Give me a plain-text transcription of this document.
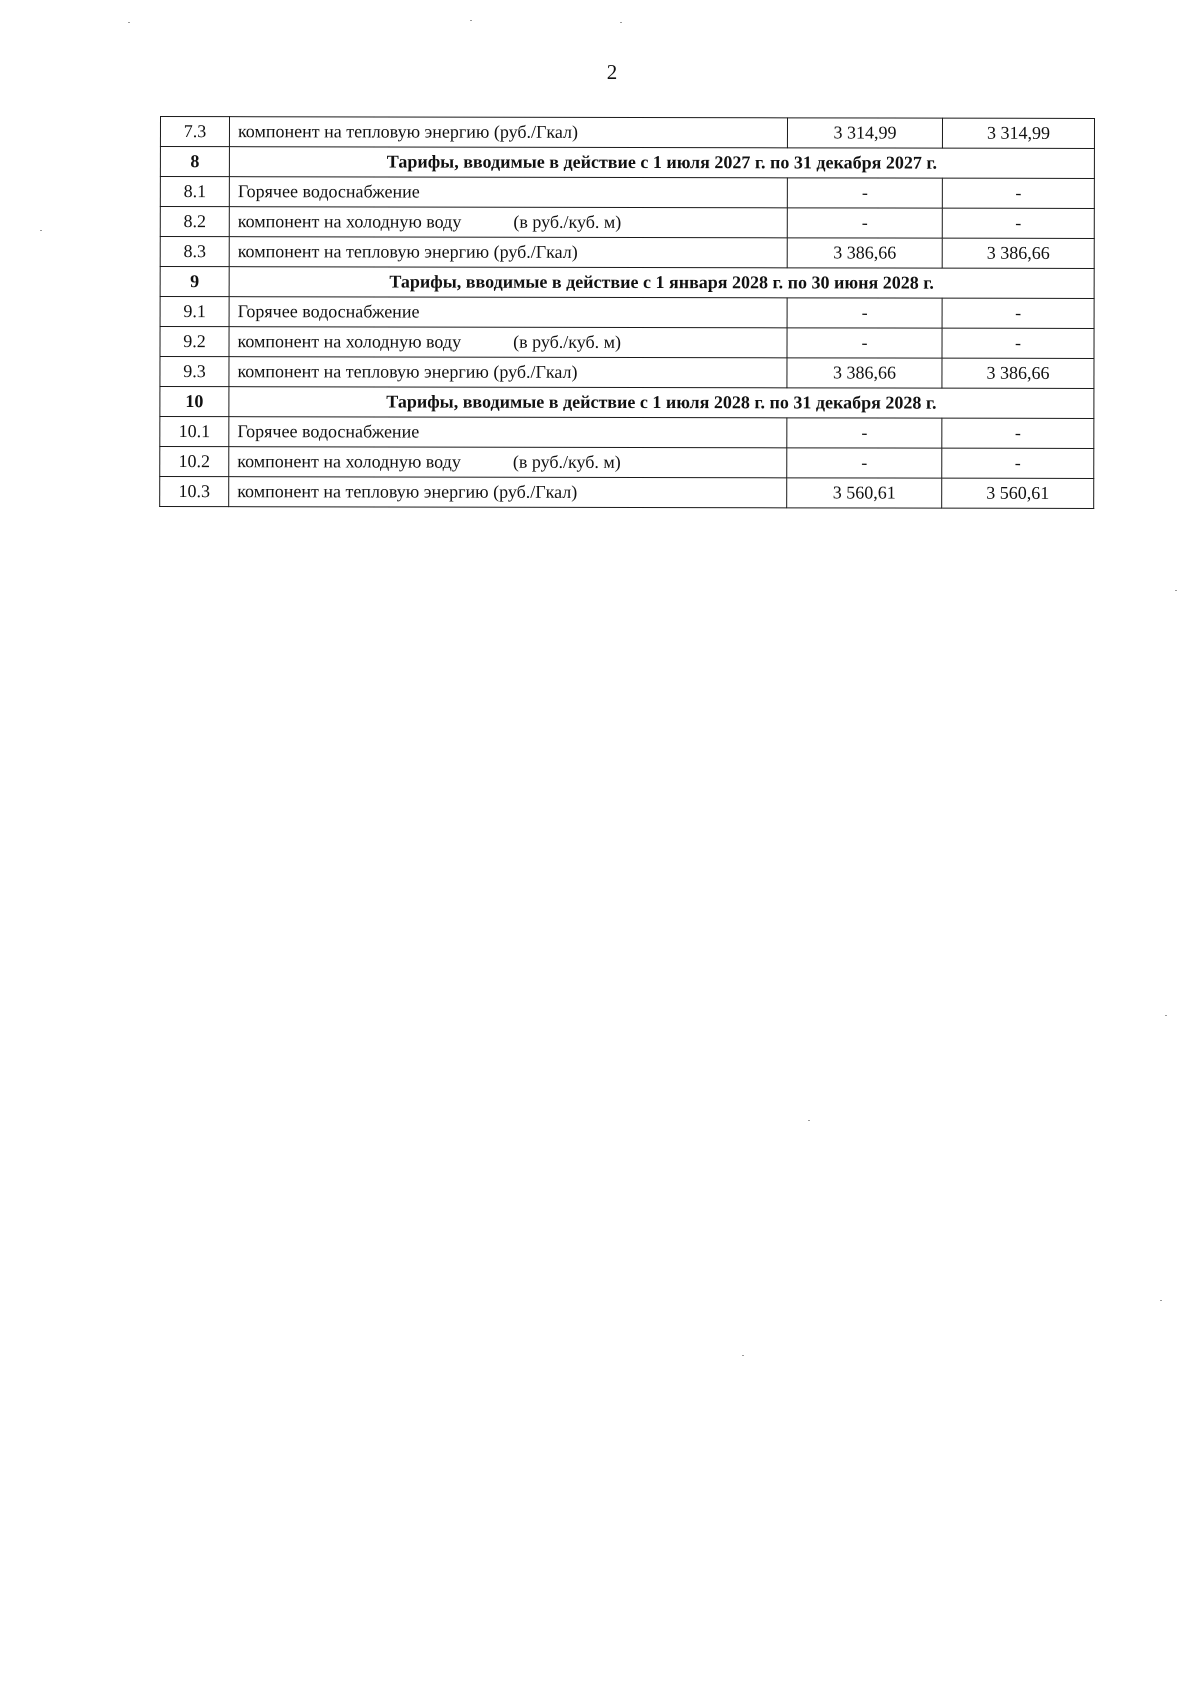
2
7.3	компонент на тепловую энергию (руб./Гкал)	3 314,99	3 314,99
8	Тарифы, вводимые в действие с 1 июля 2027 г. по 31 декабря 2027 г.		
8.1	Горячее водоснабжение	-	-
8.2	компонент на холодную воду (в руб./куб. м)	-	-
8.3	компонент на тепловую энергию (руб./Гкал)	3 386,66	3 386,66
9	Тарифы, вводимые в действие с 1 января 2028 г. по 30 июня 2028 г.		
9.1	Горячее водоснабжение	-	-
9.2	компонент на холодную воду (в руб./куб. м)	-	-
9.3	компонент на тепловую энергию (руб./Гкал)	3 386,66	3 386,66
10	Тарифы, вводимые в действие с 1 июля 2028 г. по 31 декабря 2028 г.		
10.1	Горячее водоснабжение	-	-
10.2	компонент на холодную воду (в руб./куб. м)	-	-
10.3	компонент на тепловую энергию (руб./Гкал)	3 560,61	3 560,61
